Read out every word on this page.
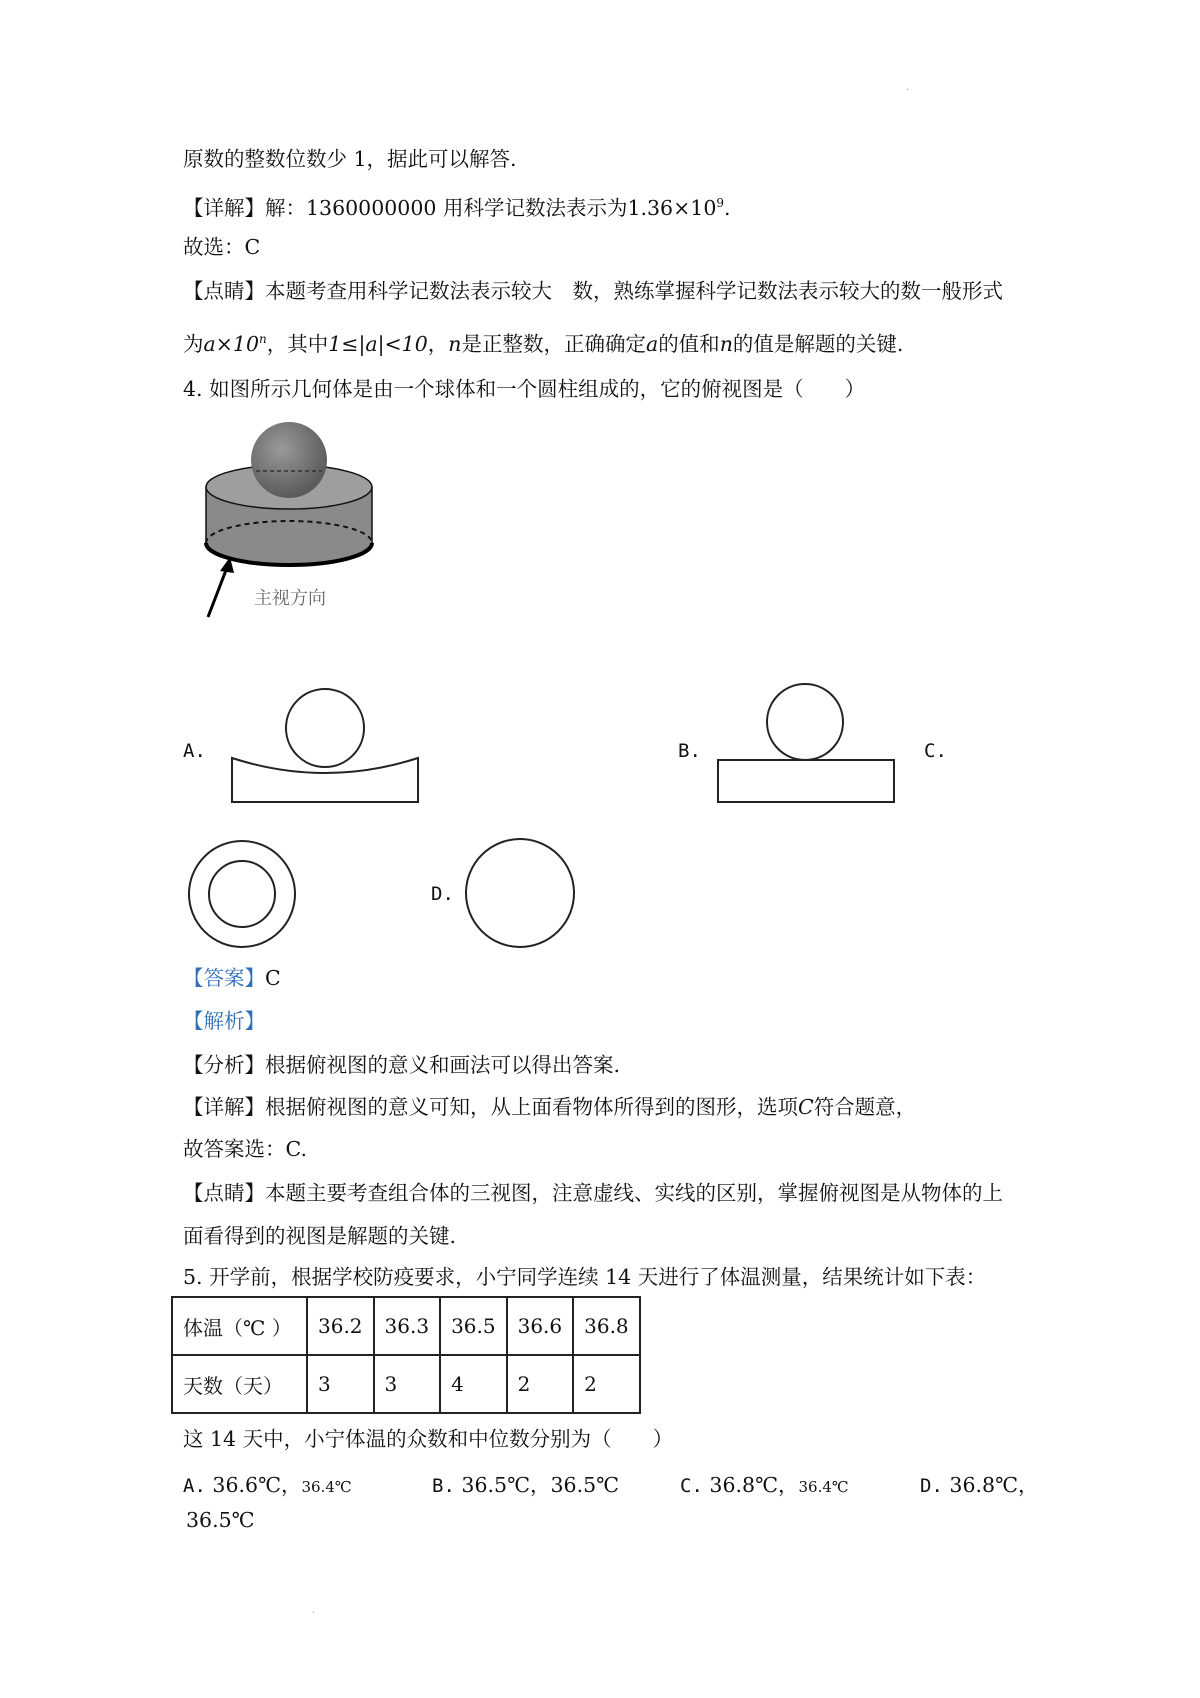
.
原数的整数位数少 1，据此可以解答.
【详解】解：1360000000 用科学记数法表示为$1.36\times 10^9$.
故选：C
【点睛】本题考查用科学记数法表示较大　数，熟练掌握科学记数法表示较大的数一般形式
为$a\times 10^n$，其中1≤|a|<10，n是正整数，正确确定a的值和n的值是解题的关键.
4. 如图所示几何体是由一个球体和一个圆柱组成的，它的俯视图是（　　）
主视方向
A.	B.	C.
D.
【答案】C
【解析】
【分析】根据俯视图的意义和画法可以得出答案.
【详解】根据俯视图的意义可知，从上面看物体所得到的图形，选项C符合题意，
故答案选：C.
【点睛】本题主要考查组合体的三视图，注意虚线、实线的区别，掌握俯视图是从物体的上
面看得到的视图是解题的关键.
5. 开学前，根据学校防疫要求，小宁同学连续 14 天进行了体温测量，结果统计如下表：
体温（℃ ）	36.2	36.3	36.5	36.6	36.8
天数（天）	3	3	4	2	2
这 14 天中，小宁体温的众数和中位数分别为（　　）
A. 36.6℃，36.4℃	B. 36.5℃，36.5℃	C. 36.8℃，36.4℃	D. 36.8℃，
36.5℃
.
